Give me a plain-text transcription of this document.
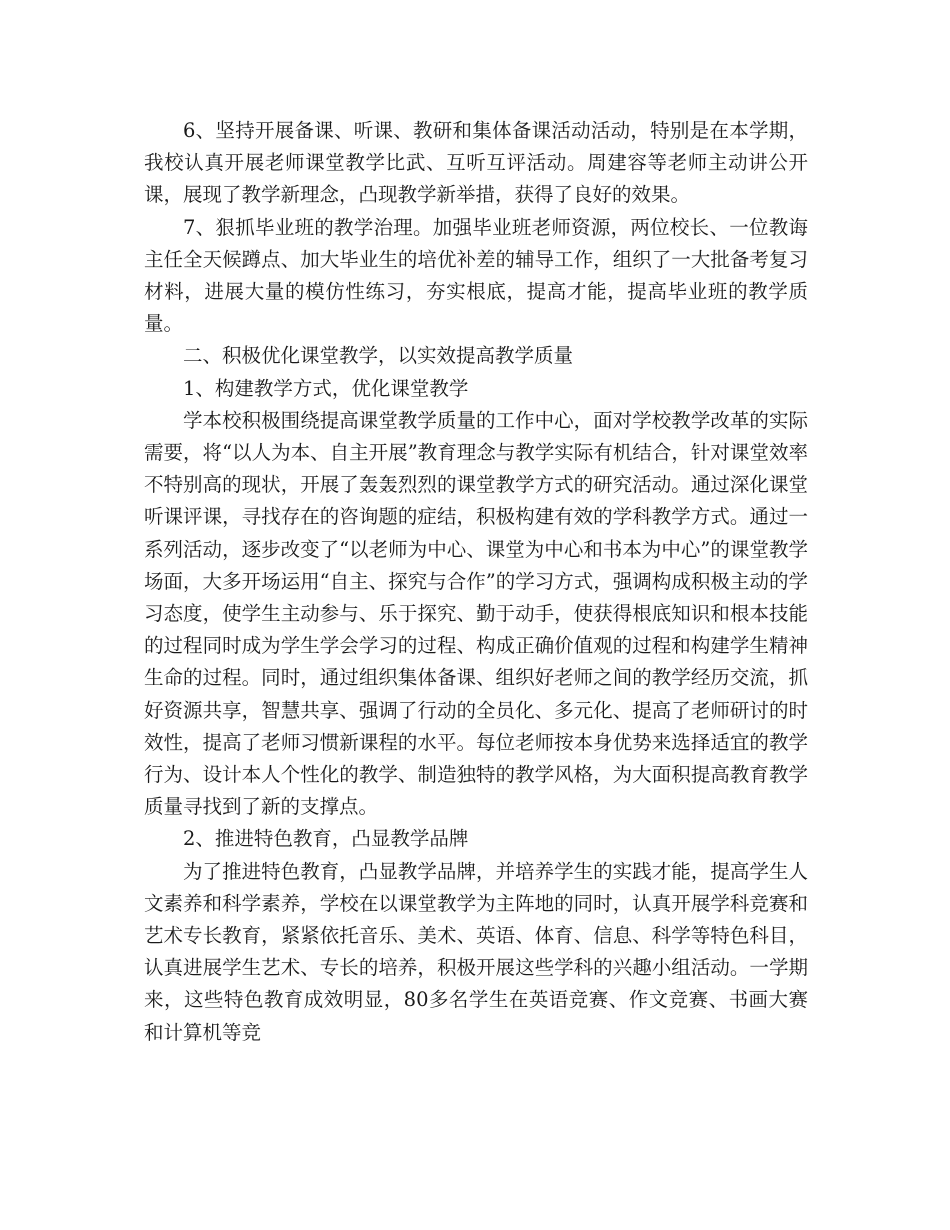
6、坚持开展备课、听课、教研和集体备课活动活动，特别是在本学期，我校认真开展老师课堂教学比武、互听互评活动。周建容等老师主动讲公开课，展现了教学新理念，凸现教学新举措，获得了良好的效果。

7、狠抓毕业班的教学治理。加强毕业班老师资源，两位校长、一位教诲主任全天候蹲点、加大毕业生的培优补差的辅导工作，组织了一大批备考复习材料，进展大量的模仿性练习，夯实根底，提高才能，提高毕业班的教学质量。

二、积极优化课堂教学，以实效提高教学质量

1、构建教学方式，优化课堂教学

学本校积极围绕提高课堂教学质量的工作中心，面对学校教学改革的实际需要，将“以人为本、自主开展”教育理念与教学实际有机结合，针对课堂效率不特别高的现状，开展了轰轰烈烈的课堂教学方式的研究活动。通过深化课堂听课评课，寻找存在的咨询题的症结，积极构建有效的学科教学方式。通过一系列活动，逐步改变了“以老师为中心、课堂为中心和书本为中心”的课堂教学场面，大多开场运用“自主、探究与合作”的学习方式，强调构成积极主动的学习态度，使学生主动参与、乐于探究、勤于动手，使获得根底知识和根本技能的过程同时成为学生学会学习的过程、构成正确价值观的过程和构建学生精神生命的过程。同时，通过组织集体备课、组织好老师之间的教学经历交流，抓好资源共享，智慧共享、强调了行动的全员化、多元化、提高了老师研讨的时效性，提高了老师习惯新课程的水平。每位老师按本身优势来选择适宜的教学行为、设计本人个性化的教学、制造独特的教学风格，为大面积提高教育教学质量寻找到了新的支撑点。

2、推进特色教育，凸显教学品牌

为了推进特色教育，凸显教学品牌，并培养学生的实践才能，提高学生人文素养和科学素养，学校在以课堂教学为主阵地的同时，认真开展学科竞赛和艺术专长教育，紧紧依托音乐、美术、英语、体育、信息、科学等特色科目，认真进展学生艺术、专长的培养，积极开展这些学科的兴趣小组活动。一学期来，这些特色教育成效明显，80多名学生在英语竞赛、作文竞赛、书画大赛和计算机等竞
